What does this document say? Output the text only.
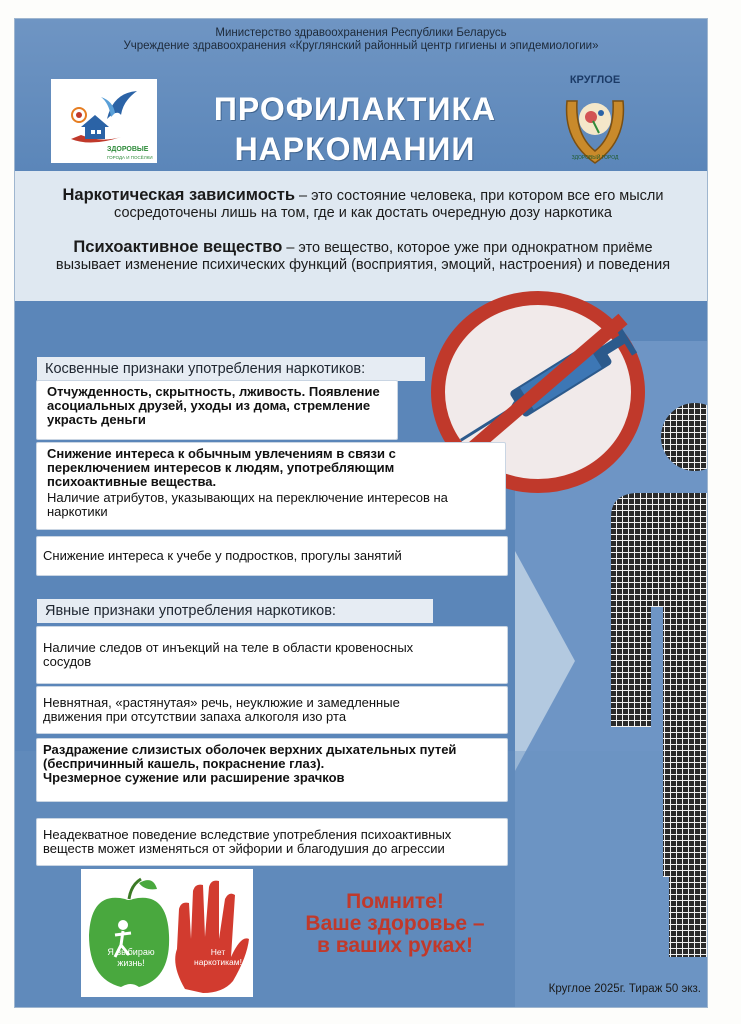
Министерство здравоохранения Республики Беларусь
Учреждение здравоохранения «Круглянский районный центр гигиены и эпидемиологии»
ЗДОРОВЫЕ
ГОРОДА И ПОСЁЛКИ
ПРОФИЛАКТИКА
НАРКОМАНИИ
КРУГЛОЕ
ЗДОРОВЫЙ ГОРОД
Наркотическая зависимость – это состояние человека, при котором все его мысли сосредоточены лишь на том, где и как достать очередную дозу наркотика
Психоактивное вещество – это вещество, которое уже при однократном приёме вызывает изменение психических функций (восприятия, эмоций, настроения) и поведения
Косвенные признаки употребления наркотиков:
Отчужденность, скрытность, лживость. Появление асоциальных друзей, уходы из дома, стремление украсть деньги
Снижение интереса к обычным увлечениям в связи с переключением интересов к людям, употребляющим психоактивные вещества.
Наличие атрибутов, указывающих на переключение интересов на наркотики
Снижение интереса к учебе у подростков, прогулы занятий
Явные признаки употребления наркотиков:
Наличие следов от инъекций на теле в области кровеносных сосудов
Невнятная, «растянутая» речь, неуклюжие и замедленные движения при отсутствии запаха алкоголя изо рта
Раздражение слизистых оболочек верхних дыхательных путей (беспричинный кашель, покраснение глаз).
Чрезмерное сужение или расширение зрачков
Неадекватное поведение вследствие употребления психоактивных веществ может изменяться от эйфории и благодушия до агрессии
Я выбираю жизнь!
Нет наркотикам!
Помните!
Ваше здоровье –
в ваших руках!
Круглое 2025г. Тираж 50 экз.
